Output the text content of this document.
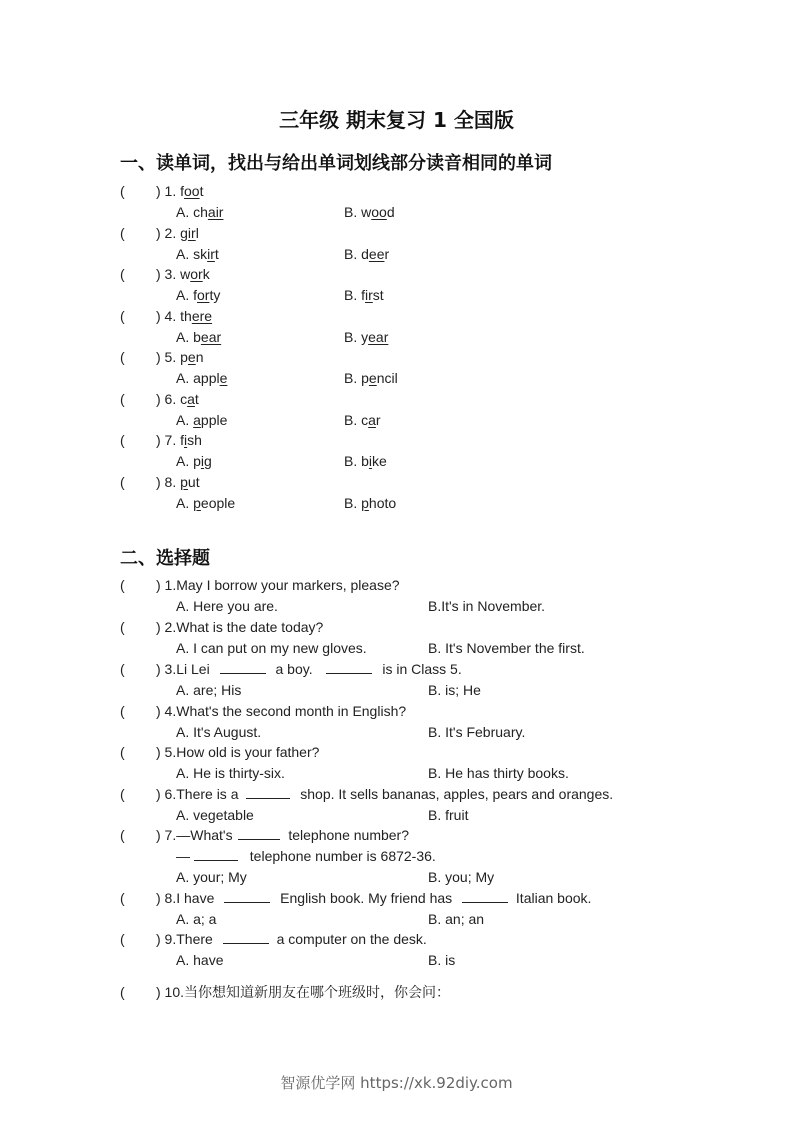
三年级 期末复习 1 全国版
一、读单词，找出与给出单词划线部分读音相同的单词
( ) 1. foot
A. chair	B. wood
( ) 2. girl
A. skirt	B. deer
( ) 3. work
A. forty	B. first
( ) 4. there
A. bear	B. year
( ) 5. pen
A. apple	B. pencil
( ) 6. cat
A. apple	B. car
( ) 7. fish
A. pig	B. bike
( ) 8. put
A. people	B. photo
二、选择题
( ) 1.May I borrow your markers, please?
A. Here you are.	B.It's in November.
( ) 2.What is the date today?
A. I can put on my new gloves.	B. It's November the first.
( ) 3.Li Lei	a boy.	is in Class 5.
A. are; His	B. is; He
( ) 4.What's the second month in English?
A. It's August.	B. It's February.
( ) 5.How old is your father?
A. He is thirty-six.	B. He has thirty books.
( ) 6.There is a	shop. It sells bananas, apples, pears and oranges.
A. vegetable	B. fruit
( ) 7.—What's	telephone number?
—	telephone number is 6872-36.
A. your; My	B. you; My
( ) 8.I have	English book. My friend has	Italian book.
A. a; a	B. an; an
( ) 9.There	a computer on the desk.
A. have	B. is
( ) 10.当你想知道新朋友在哪个班级时，你会问：
智源优学网 https://xk.92diy.com
